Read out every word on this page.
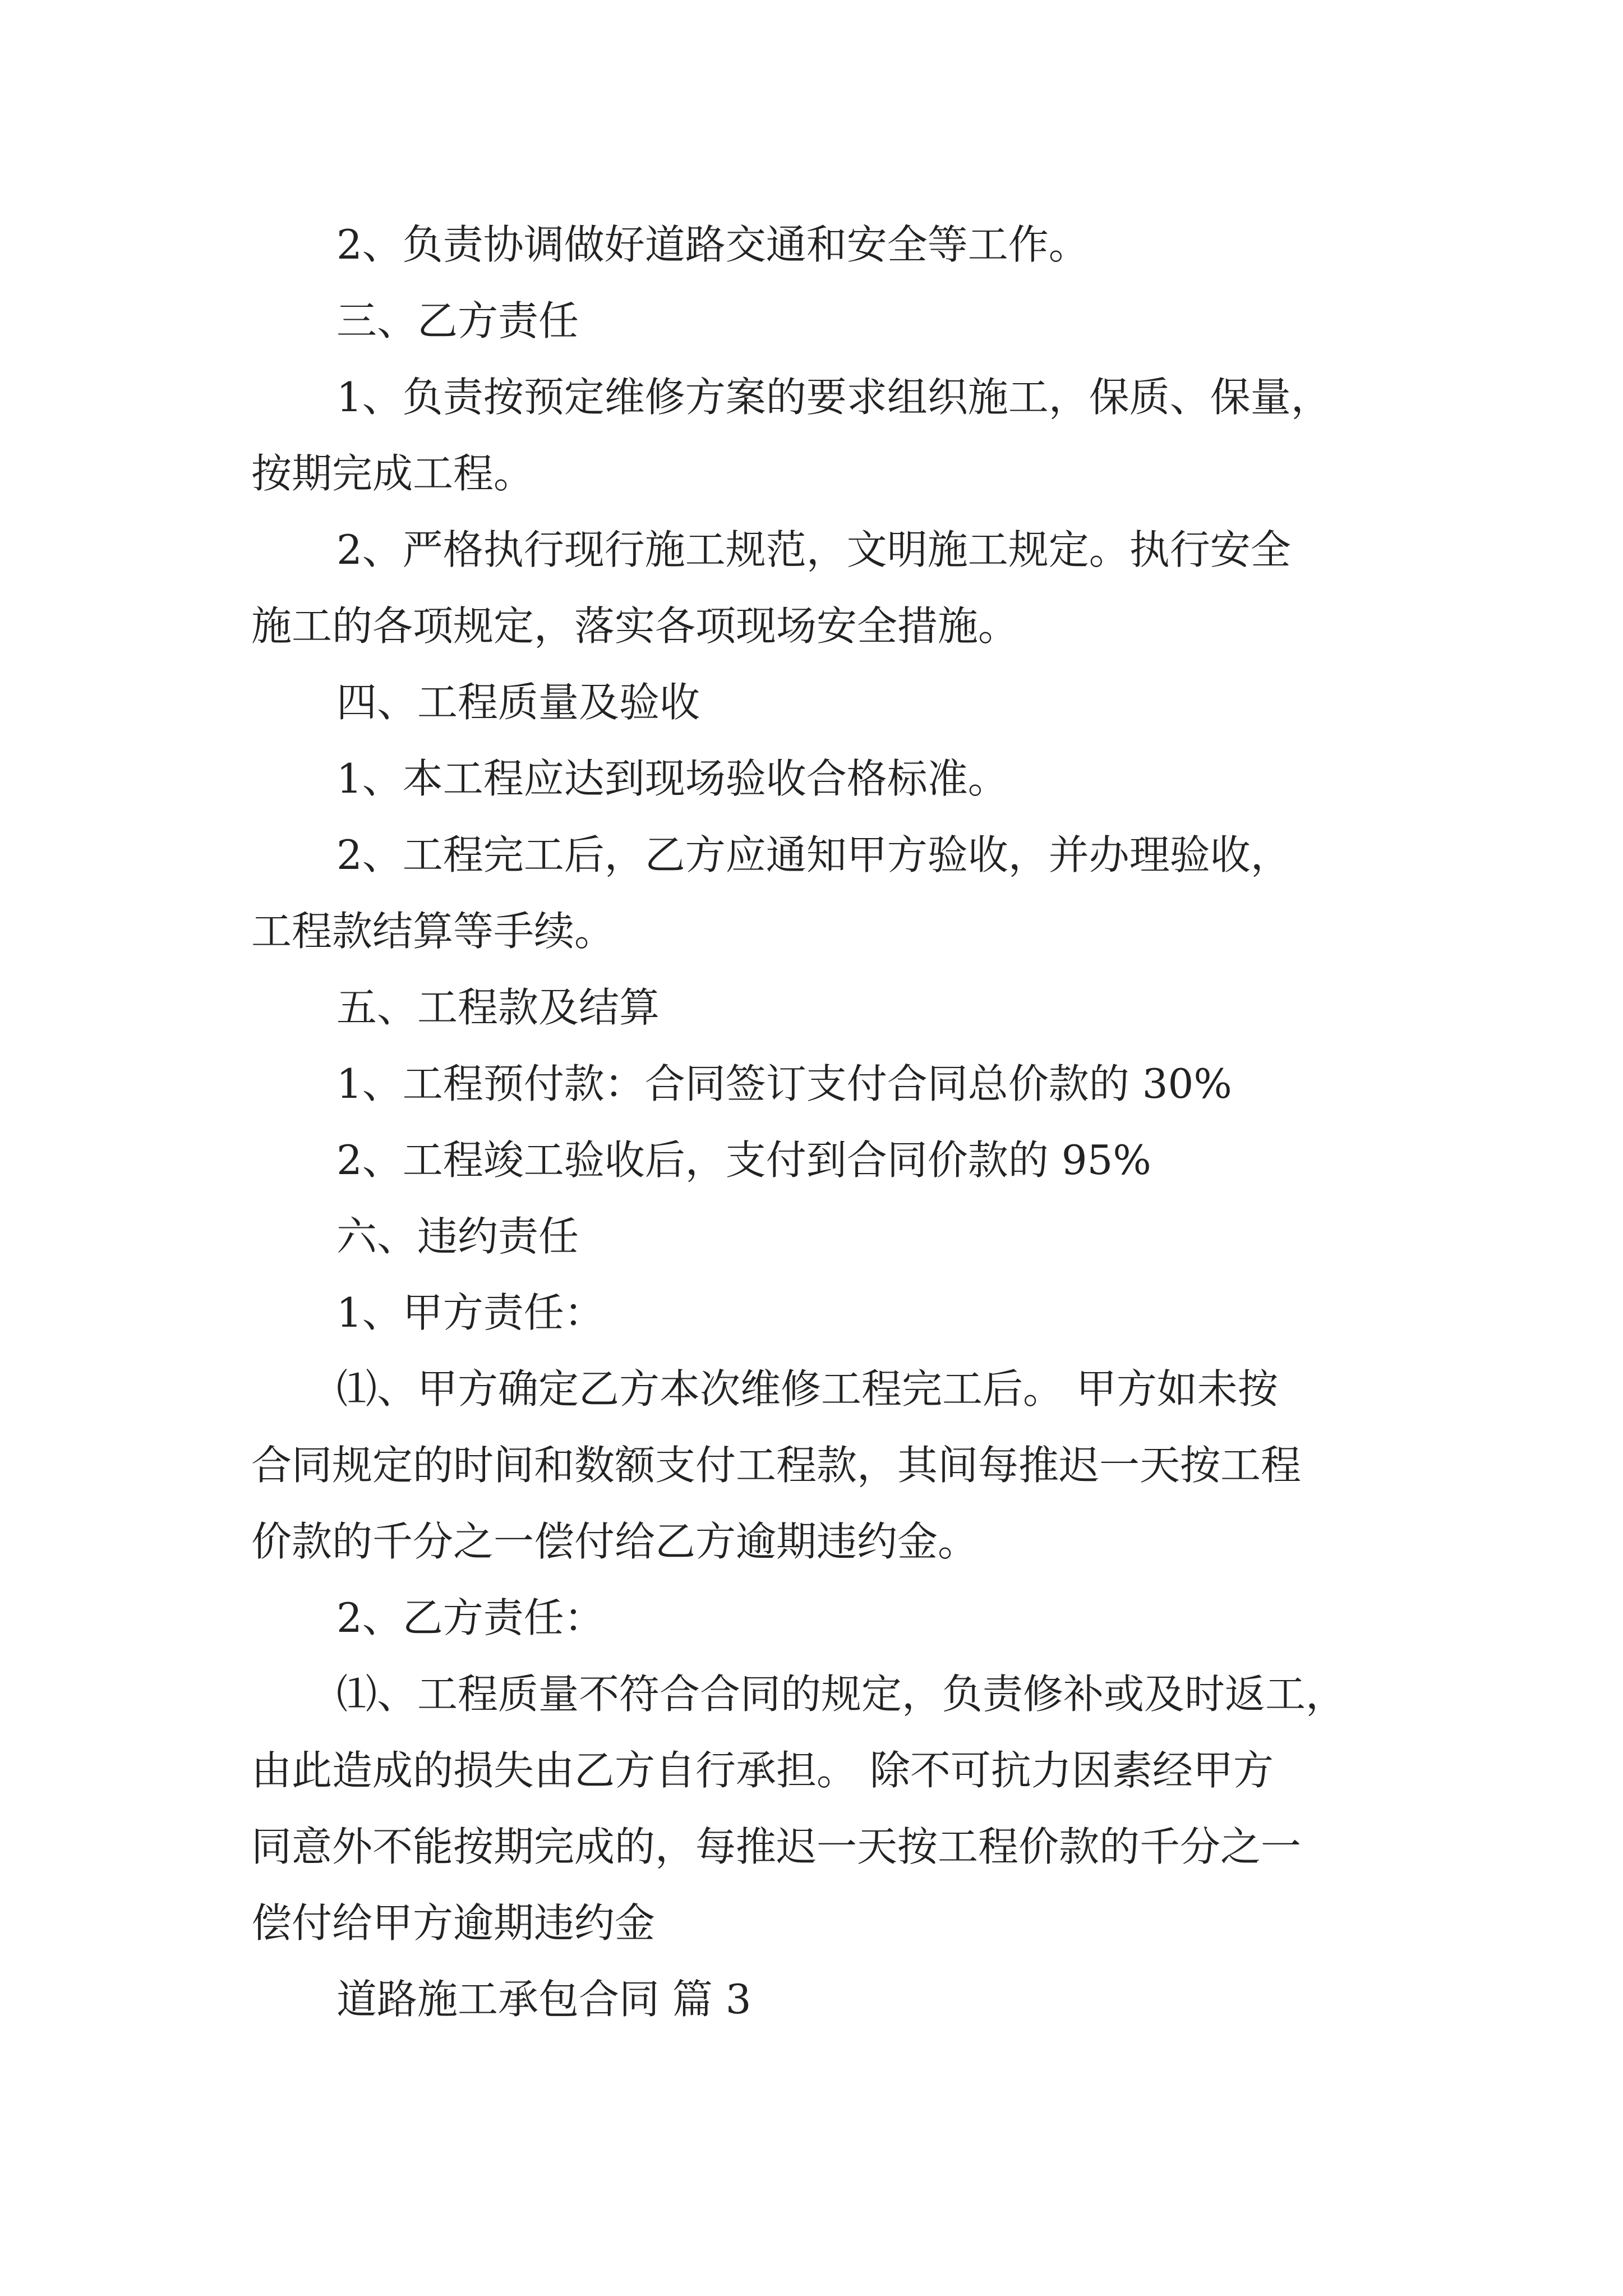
2、负责协调做好道路交通和安全等工作。
三、乙方责任
1、负责按预定维修方案的要求组织施工，保质、保量，
按期完成工程。
2、严格执行现行施工规范，文明施工规定。执行安全
施工的各项规定，落实各项现场安全措施。
四、工程质量及验收
1、本工程应达到现场验收合格标准。
2、工程完工后，乙方应通知甲方验收，并办理验收，
工程款结算等手续。
五、工程款及结算
1、工程预付款：合同签订支付合同总价款的 30%
2、工程竣工验收后，支付到合同价款的 95%
六、违约责任
1、甲方责任：
⑴、甲方确定乙方本次维修工程完工后。 甲方如未按
合同规定的时间和数额支付工程款，其间每推迟一天按工程
价款的千分之一偿付给乙方逾期违约金。
2、乙方责任：
⑴、工程质量不符合合同的规定，负责修补或及时返工，
由此造成的损失由乙方自行承担。 除不可抗力因素经甲方
同意外不能按期完成的，每推迟一天按工程价款的千分之一
偿付给甲方逾期违约金
道路施工承包合同 篇 3
